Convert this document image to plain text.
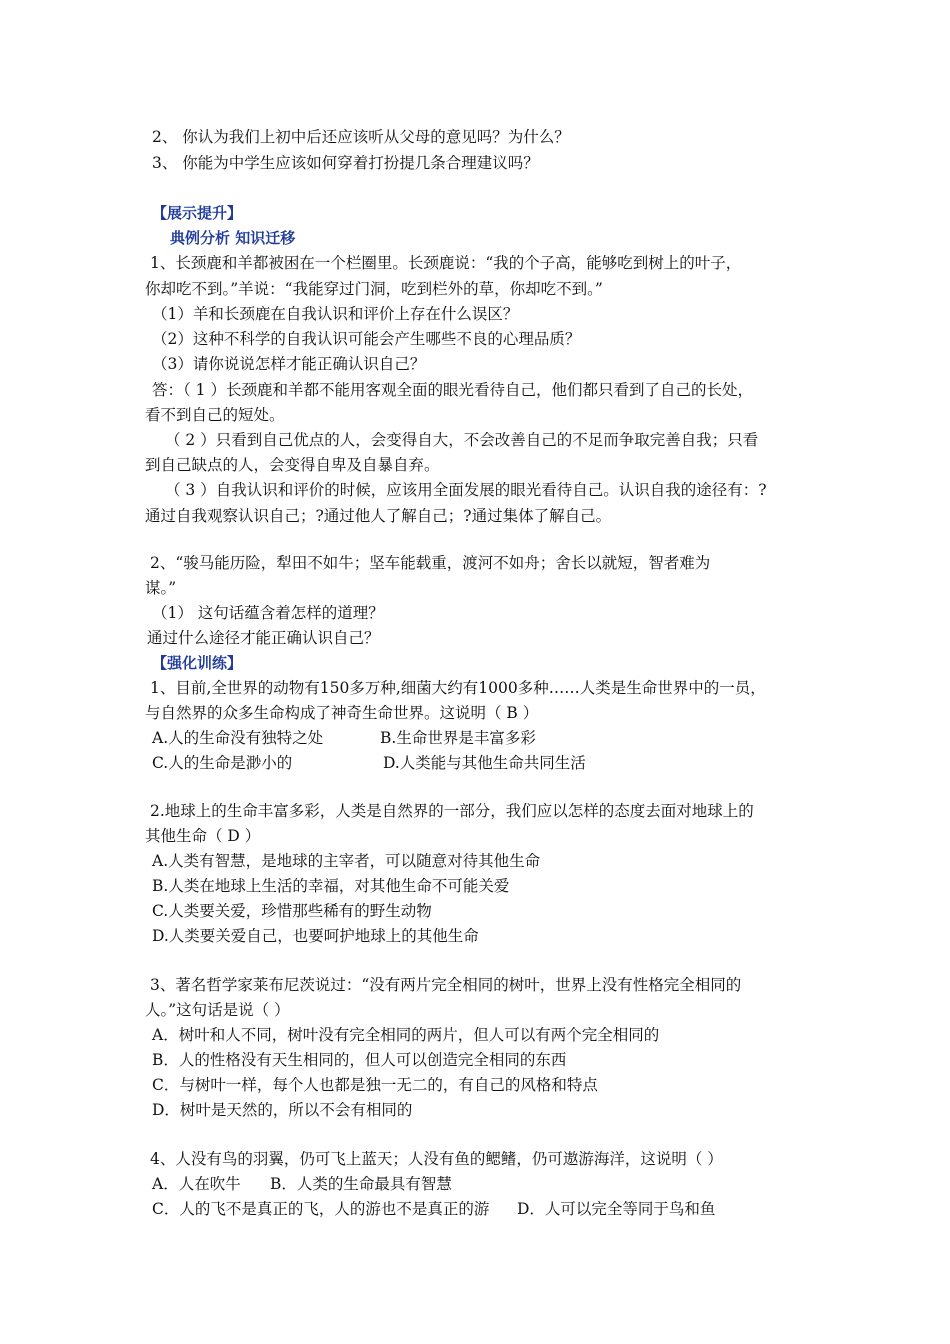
2、 你认为我们上初中后还应该听从父母的意见吗？为什么？
3、 你能为中学生应该如何穿着打扮提几条合理建议吗？
【展示提升】
典例分析 知识迁移
1、长颈鹿和羊都被困在一个栏圈里。长颈鹿说：“我的个子高，能够吃到树上的叶子，
你却吃不到。”羊说：“我能穿过门洞，吃到栏外的草，你却吃不到。”
（1）羊和长颈鹿在自我认识和评价上存在什么误区？
（2）这种不科学的自我认识可能会产生哪些不良的心理品质？
（3）请你说说怎样才能正确认识自己？
答：（ 1 ）长颈鹿和羊都不能用客观全面的眼光看待自己，他们都只看到了自己的长处，
看不到自己的短处。
（ 2 ）只看到自己优点的人，会变得自大，不会改善自己的不足而争取完善自我；只看
到自己缺点的人，会变得自卑及自暴自弃。
（ 3 ）自我认识和评价的时候，应该用全面发展的眼光看待自己。认识自我的途径有：?
通过自我观察认识自己；?通过他人了解自己；?通过集体了解自己。
2、“骏马能历险，犁田不如牛；坚车能载重，渡河不如舟；舍长以就短，智者难为
谋。”
（1） 这句话蕴含着怎样的道理？
通过什么途径才能正确认识自己？
【强化训练】
1、目前,全世界的动物有150多万种,细菌大约有1000多种……人类是生命世界中的一员，
与自然界的众多生命构成了神奇生命世界。这说明（ B ）
A.人的生命没有独特之处	B.生命世界是丰富多彩
C.人的生命是渺小的	D.人类能与其他生命共同生活
2.地球上的生命丰富多彩，人类是自然界的一部分，我们应以怎样的态度去面对地球上的
其他生命（ D ）
A.人类有智慧，是地球的主宰者，可以随意对待其他生命
B.人类在地球上生活的幸福，对其他生命不可能关爱
C.人类要关爱，珍惜那些稀有的野生动物
D.人类要关爱自己，也要呵护地球上的其他生命
3、著名哲学家莱布尼茨说过：“没有两片完全相同的树叶，世界上没有性格完全相同的
人。”这句话是说（ ）
A．树叶和人不同，树叶没有完全相同的两片，但人可以有两个完全相同的
B．人的性格没有天生相同的，但人可以创造完全相同的东西
C．与树叶一样，每个人也都是独一无二的，有自己的风格和特点
D．树叶是天然的，所以不会有相同的
4、人没有鸟的羽翼，仍可飞上蓝天；人没有鱼的鳃鳍，仍可遨游海洋，这说明（ ）
A．人在吹牛 B．人类的生命最具有智慧
C．人的飞不是真正的飞，人的游也不是真正的游 D．人可以完全等同于鸟和鱼
